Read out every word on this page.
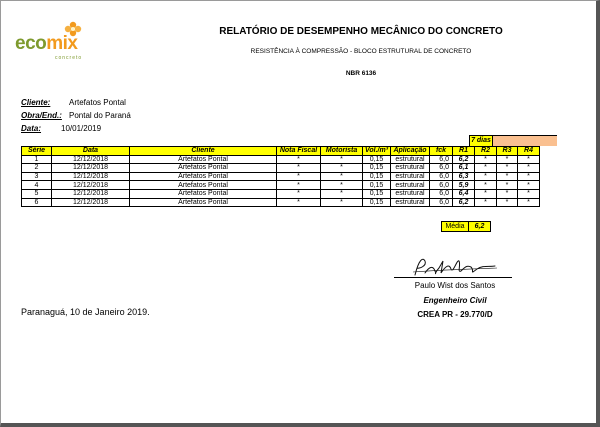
ecomix
concreto
RELATÓRIO DE DESEMPENHO MECÂNICO DO CONCRETO
RESISTÊNCIA À COMPRESSÃO - BLOCO ESTRUTURAL DE CONCRETO
NBR 6136
Cliente: Artefatos Pontal
Obra/End.: Pontal do Paraná
Data: 10/01/2019
7 dias
Série	Data	Cliente	Nota Fiscal	Motorista	Vol./m³	Aplicação	fck	R1	R2	R3	R4
1	12/12/2018	Artefatos Pontal	*	*	0,15	estrutural	6,0	6,2	*	*	*
2	12/12/2018	Artefatos Pontal	*	*	0,15	estrutural	6,0	6,1	*	*	*
3	12/12/2018	Artefatos Pontal	*	*	0,15	estrutural	6,0	6,3	*	*	*
4	12/12/2018	Artefatos Pontal	*	*	0,15	estrutural	6,0	5,9	*	*	*
5	12/12/2018	Artefatos Pontal	*	*	0,15	estrutural	6,0	6,4	*	*	*
6	12/12/2018	Artefatos Pontal	*	*	0,15	estrutural	6,0	6,2	*	*	*
Média	6,2
Paulo Wist dos Santos
Engenheiro Civil
CREA PR - 29.770/D
Paranaguá, 10 de Janeiro 2019.
